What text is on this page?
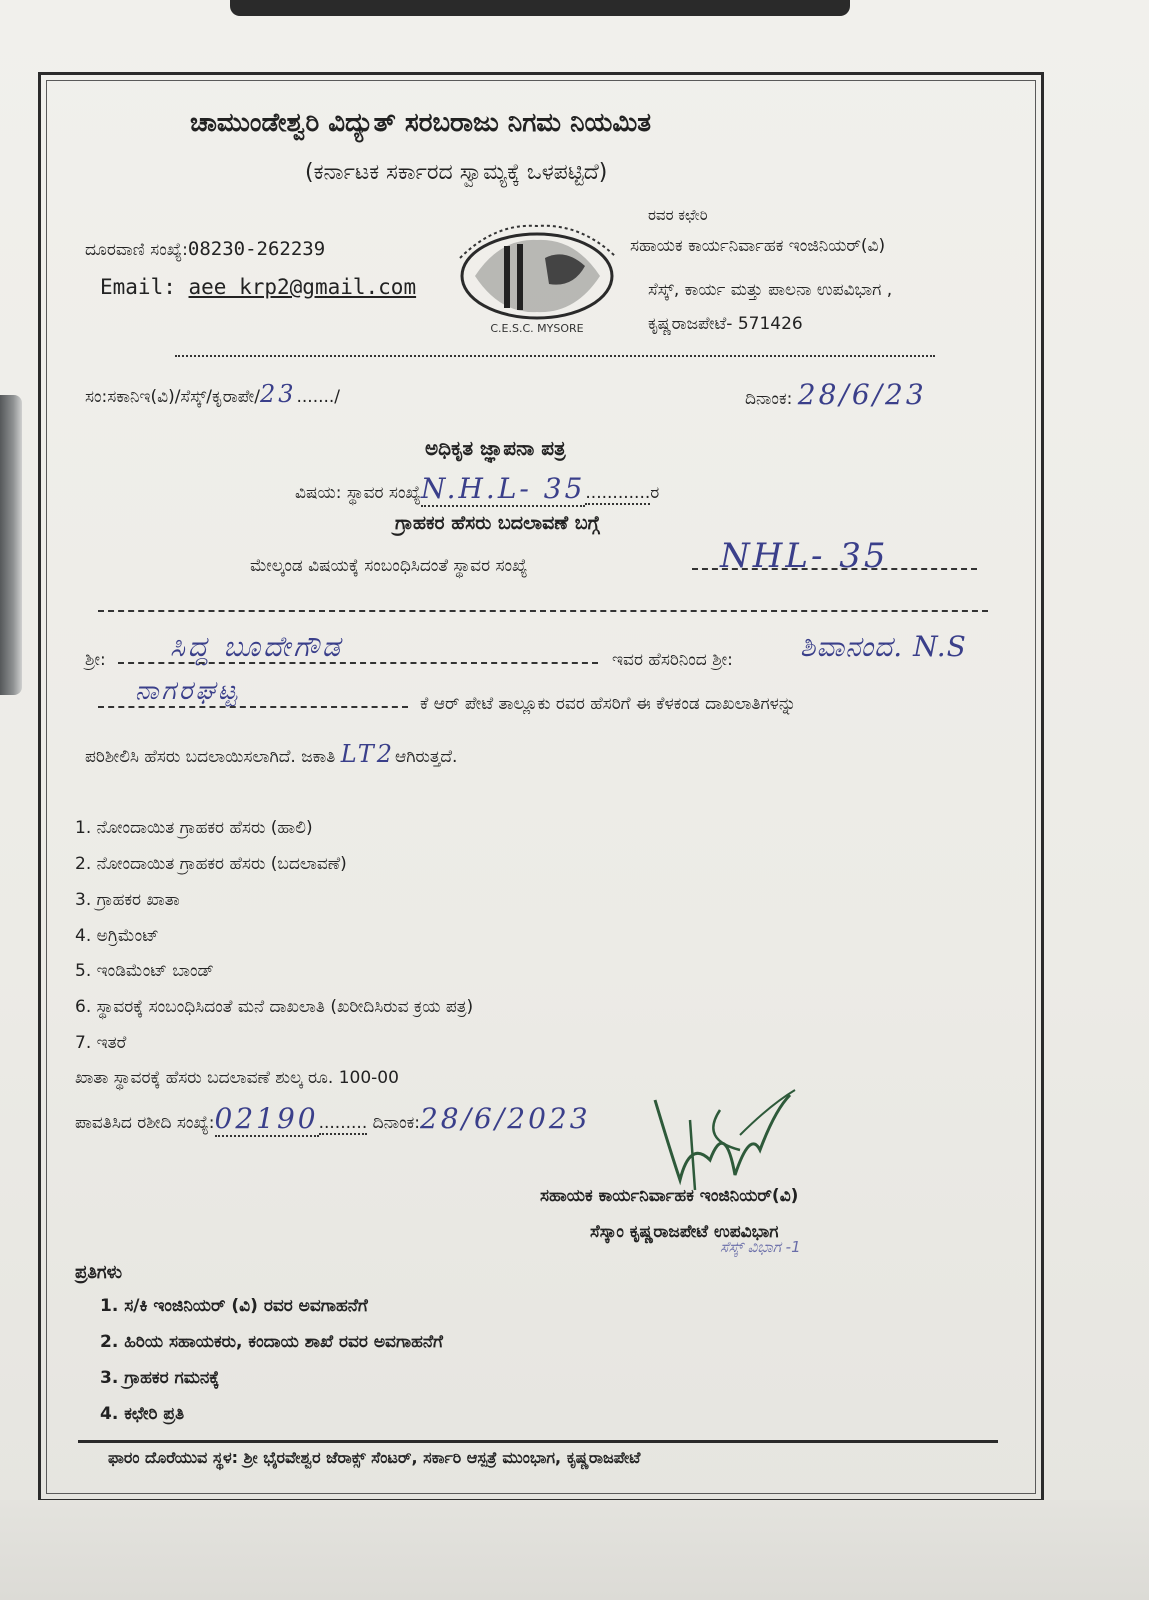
ಚಾಮುಂಡೇಶ್ವರಿ ವಿದ್ಯುತ್ ಸರಬರಾಜು ನಿಗಮ ನಿಯಮಿತ
(ಕರ್ನಾಟಕ ಸರ್ಕಾರದ ಸ್ವಾಮ್ಯಕ್ಕೆ ಒಳಪಟ್ಟಿದೆ)
ದೂರವಾಣಿ ಸಂಖ್ಯೆ:08230-262239
Email: aee krp2@gmail.com
C.E.S.C. MYSORE
ರವರ ಕಛೇರಿ
ಸಹಾಯಕ ಕಾರ್ಯನಿರ್ವಾಹಕ ಇಂಜಿನಿಯರ್(ವಿ)
ಸೆಸ್ಕ್, ಕಾರ್ಯ ಮತ್ತು ಪಾಲನಾ ಉಪವಿಭಾಗ ,
ಕೃಷ್ಣರಾಜಪೇಟೆ- 571426
ಸಂ:ಸಕಾನಿಇ(ವಿ)/ಸೆಸ್ಕ್/ಕೃರಾಪೇ/23......./	ದಿನಾಂಕ: 28/6/23
ಅಧಿಕೃತ ಜ್ಞಾಪನಾ ಪತ್ರ
ವಿಷಯ: ಸ್ಥಾವರ ಸಂಖ್ಯೆN.H.L- 35............ರ
ಗ್ರಾಹಕರ ಹೆಸರು ಬದಲಾವಣೆ ಬಗ್ಗೆ
ಮೇಲ್ಕಂಡ ವಿಷಯಕ್ಕೆ ಸಂಬಂಧಿಸಿದಂತೆ ಸ್ಥಾವರ ಸಂಖ್ಯೆ	NHL- 35
ಶ್ರೀ: ಸಿದ್ದ ಬೂದೇಗೌಡ	ಇವರ ಹೆಸರಿನಿಂದ ಶ್ರೀ: ಶಿವಾನಂದ. N.S
ನಾಗರಘಟ್ಟ	ಕೆ ಆರ್ ಪೇಟೆ ತಾಲ್ಲೂಕು ರವರ ಹೆಸರಿಗೆ ಈ ಕೆಳಕಂಡ ದಾಖಲಾತಿಗಳನ್ನು
ಪರಿಶೀಲಿಸಿ ಹೆಸರು ಬದಲಾಯಿಸಲಾಗಿದೆ. ಜಕಾತಿ LT2ಆಗಿರುತ್ತದೆ.
1. ನೋಂದಾಯಿತ ಗ್ರಾಹಕರ ಹೆಸರು (ಹಾಲಿ)
2. ನೋಂದಾಯಿತ ಗ್ರಾಹಕರ ಹೆಸರು (ಬದಲಾವಣೆ)
3. ಗ್ರಾಹಕರ ಖಾತಾ
4. ಅಗ್ರಿಮೆಂಟ್
5. ಇಂಡಿಮೆಂಟ್ ಬಾಂಡ್
6. ಸ್ಥಾವರಕ್ಕೆ ಸಂಬಂಧಿಸಿದಂತೆ ಮನೆ ದಾಖಲಾತಿ (ಖರೀದಿಸಿರುವ ಕ್ರಯ ಪತ್ರ)
7. ಇತರೆ
ಖಾತಾ ಸ್ಥಾವರಕ್ಕೆ ಹೆಸರು ಬದಲಾವಣೆ ಶುಲ್ಕ ರೂ. 100-00
ಪಾವತಿಸಿದ ರಶೀದಿ ಸಂಖ್ಯೆ:02190......... ದಿನಾಂಕ:28/6/2023
ಸಹಾಯಕ ಕಾರ್ಯನಿರ್ವಾಹಕ ಇಂಜಿನಿಯರ್(ವಿ)
ಸೆಸ್ಕಾಂ ಕೃಷ್ಣರಾಜಪೇಟೆ ಉಪವಿಭಾಗ
ಸೆಸ್ಕ್ ವಿಭಾಗ -1
ಪ್ರತಿಗಳು
1. ಸ/ಕಿ ಇಂಜಿನಿಯರ್ (ವಿ) ರವರ ಅವಗಾಹನೆಗೆ
2. ಹಿರಿಯ ಸಹಾಯಕರು, ಕಂದಾಯ ಶಾಖೆ ರವರ ಅವಗಾಹನೆಗೆ
3. ಗ್ರಾಹಕರ ಗಮನಕ್ಕೆ
4. ಕಛೇರಿ ಪ್ರತಿ
ಫಾರಂ ದೊರೆಯುವ ಸ್ಥಳ: ಶ್ರೀ ಭೈರವೇಶ್ವರ ಜೆರಾಕ್ಸ್ ಸೆಂಟರ್, ಸರ್ಕಾರಿ ಆಸ್ಪತ್ರೆ ಮುಂಭಾಗ, ಕೃಷ್ಣರಾಜಪೇಟೆ
